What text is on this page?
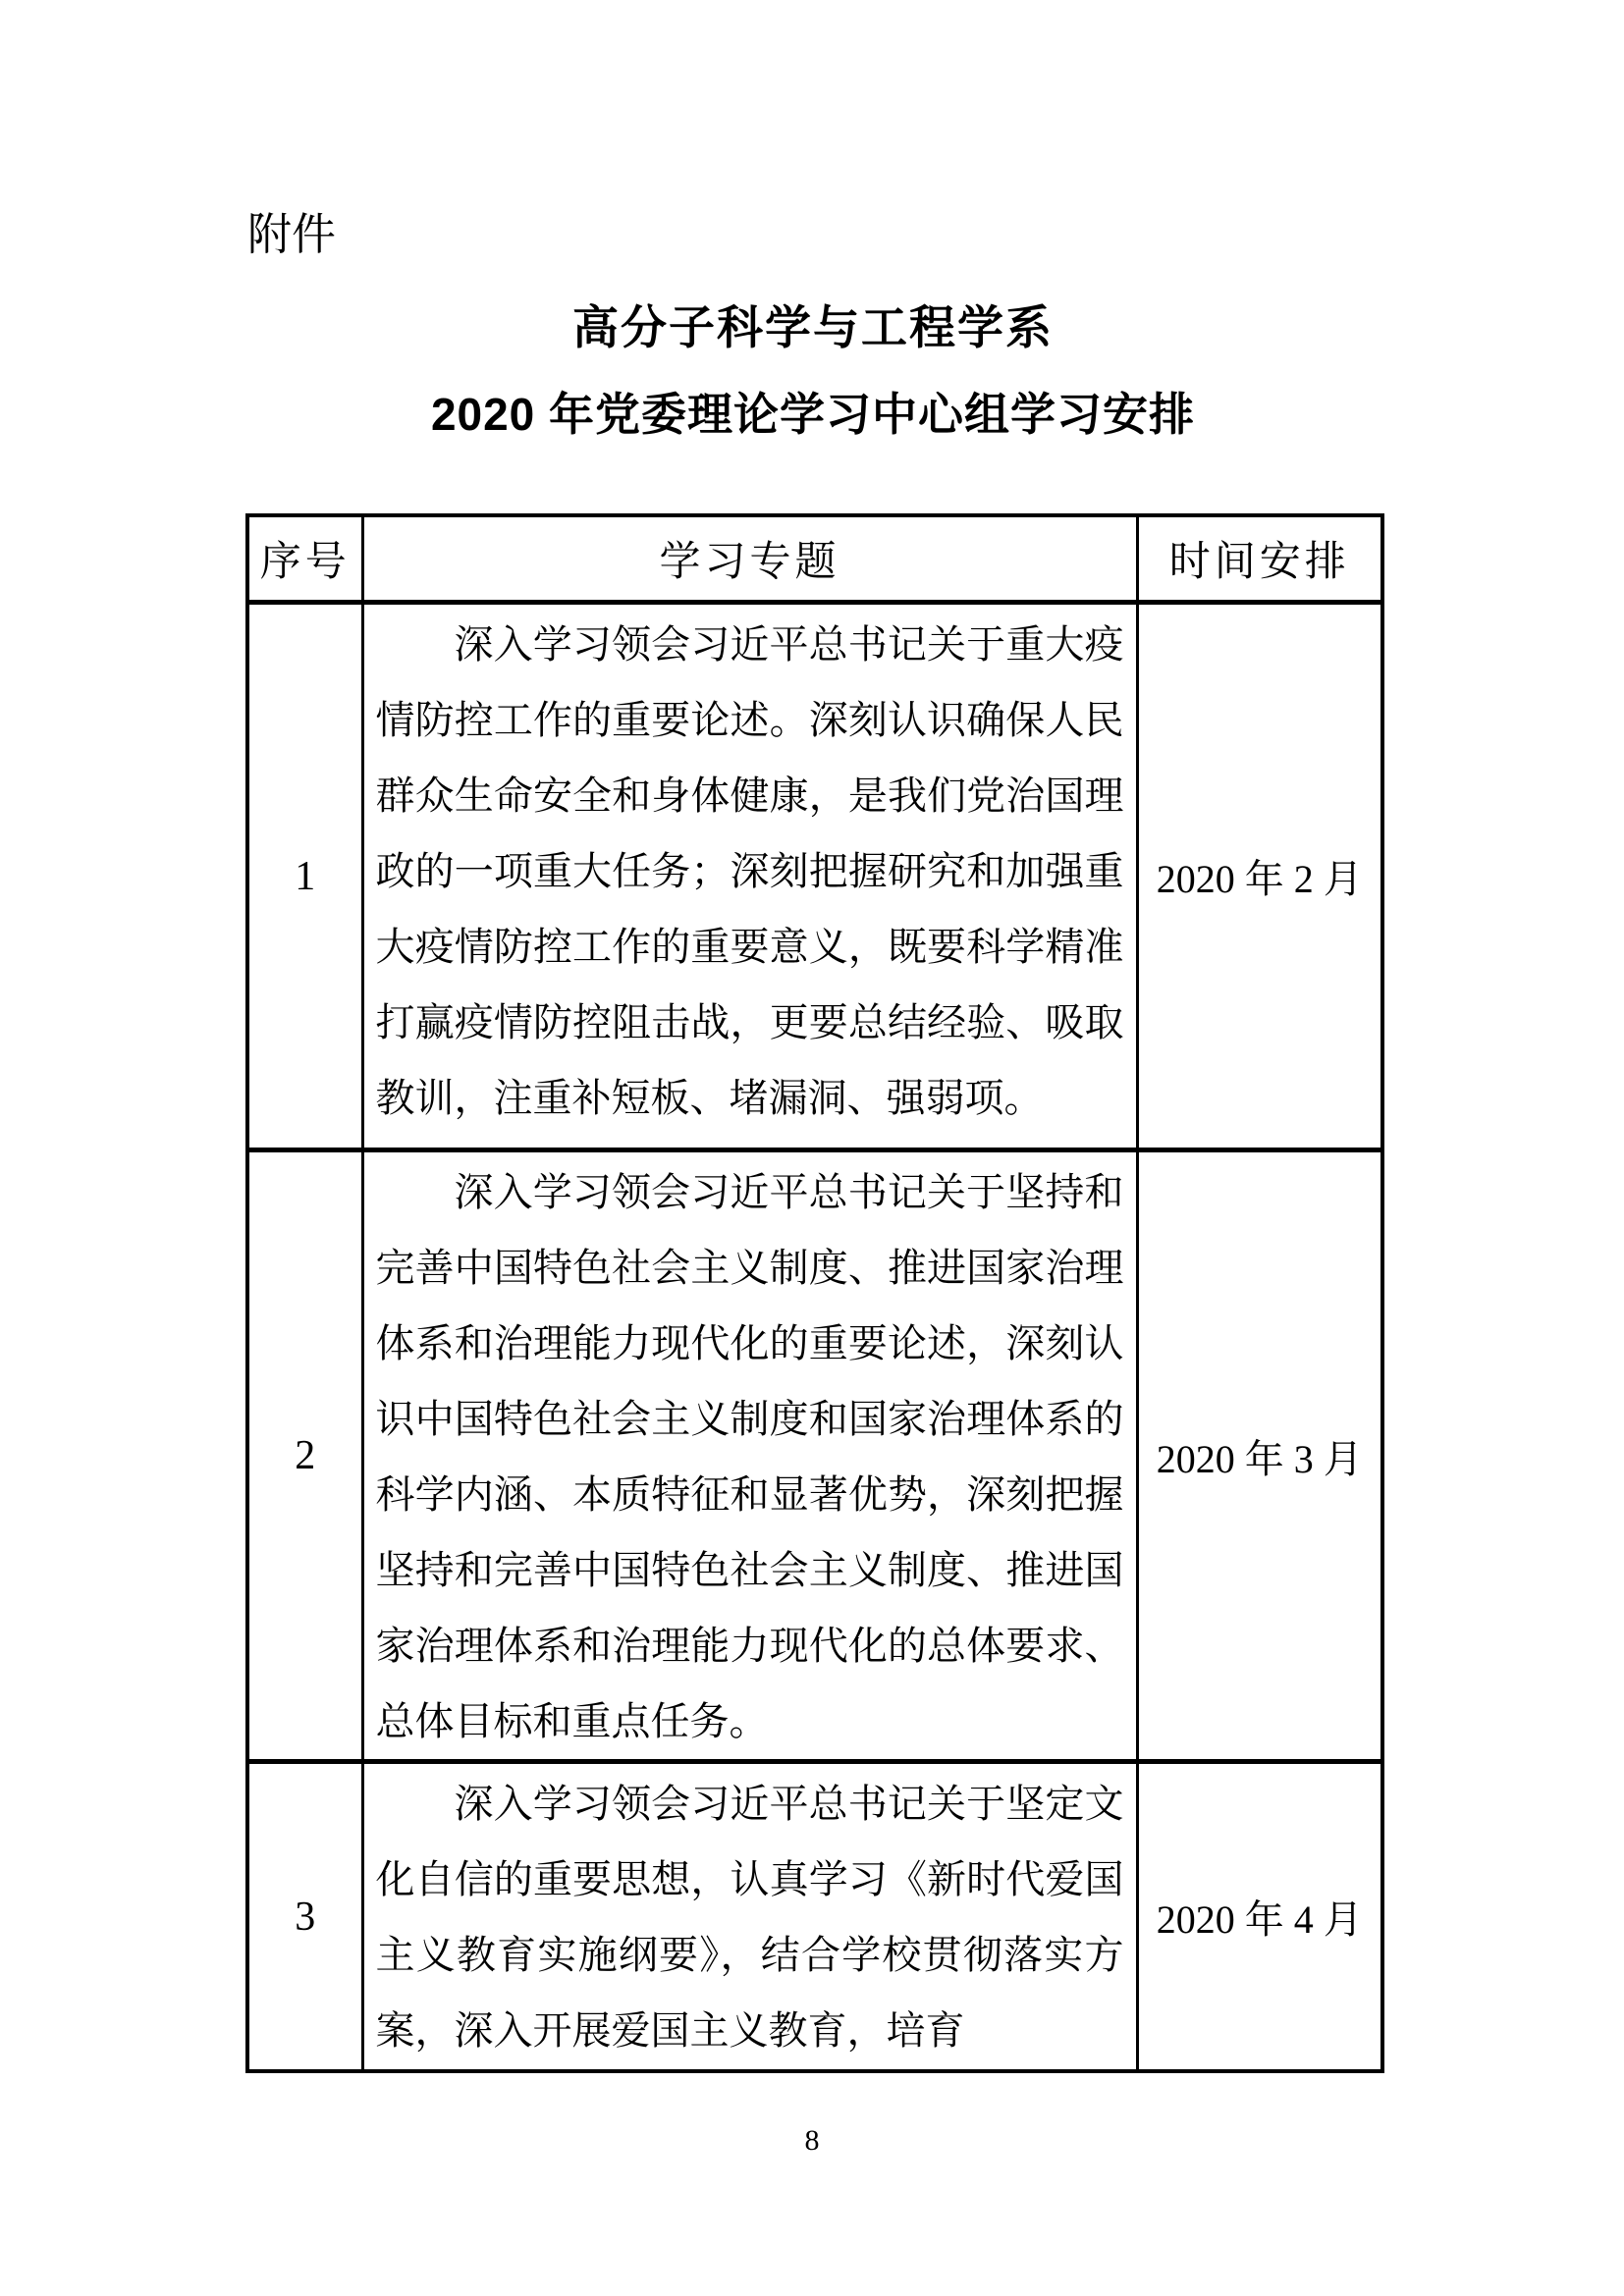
附件
高分子科学与工程学系
2020 年党委理论学习中心组学习安排
序号	学习专题	时间安排
1	深入学习领会习近平总书记关于重大疫情防控工作的重要论述。深刻认识确保人民群众生命安全和身体健康，是我们党治国理政的一项重大任务；深刻把握研究和加强重大疫情防控工作的重要意义，既要科学精准打赢疫情防控阻击战，更要总结经验、吸取教训，注重补短板、堵漏洞、强弱项。	2020 年 2 月
2	深入学习领会习近平总书记关于坚持和完善中国特色社会主义制度、推进国家治理体系和治理能力现代化的重要论述，深刻认识中国特色社会主义制度和国家治理体系的科学内涵、本质特征和显著优势，深刻把握坚持和完善中国特色社会主义制度、推进国家治理体系和治理能力现代化的总体要求、总体目标和重点任务。	2020 年 3 月
3	深入学习领会习近平总书记关于坚定文化自信的重要思想，认真学习《新时代爱国主义教育实施纲要》，结合学校贯彻落实方案，深入开展爱国主义教育，培育	2020 年 4 月
8
